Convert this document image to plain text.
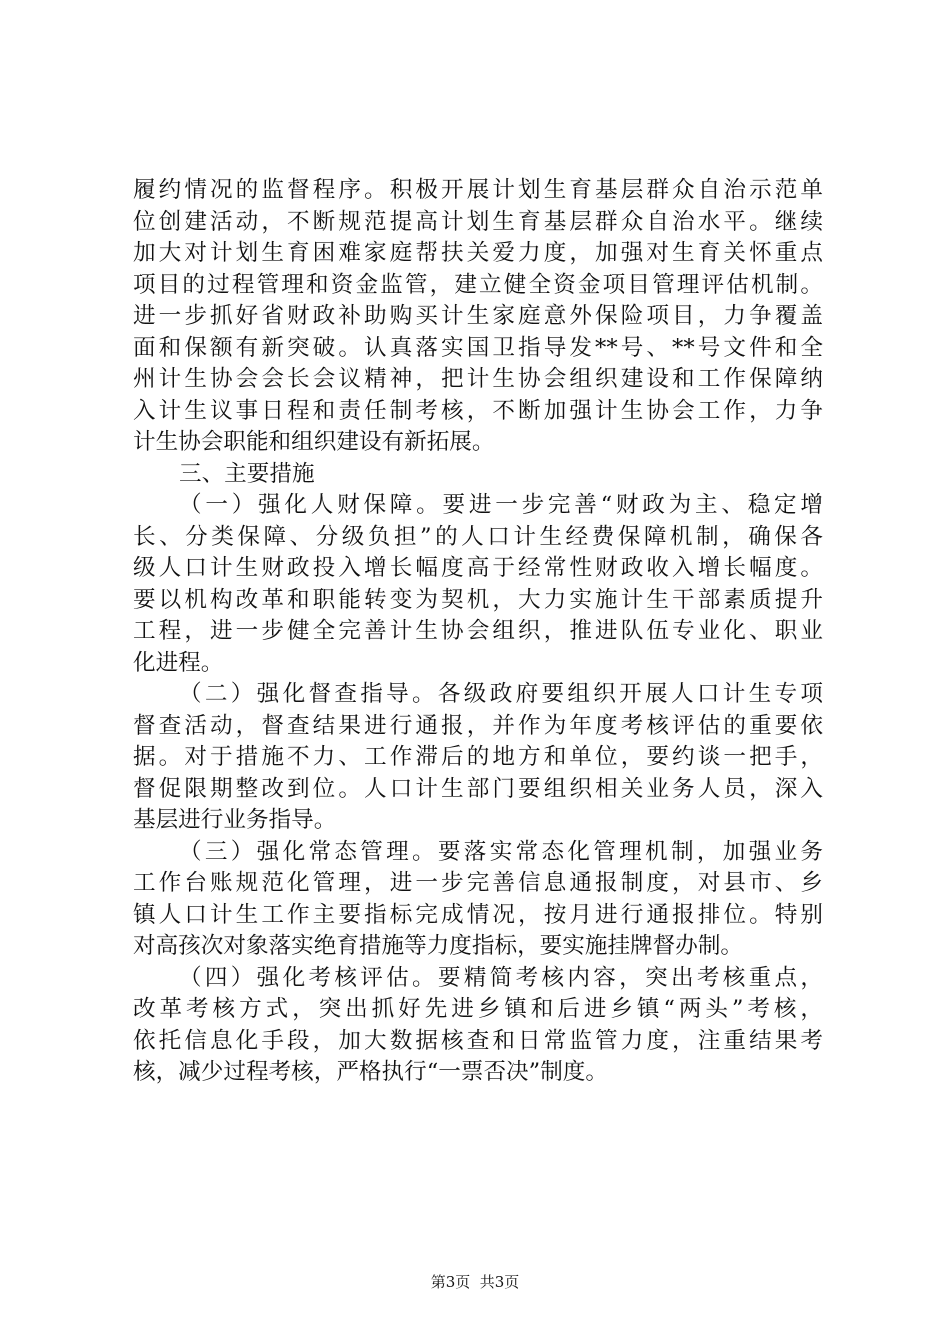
履约情况的监督程序。积极开展计划生育基层群众自治示范单
位创建活动，不断规范提高计划生育基层群众自治水平。继续
加大对计划生育困难家庭帮扶关爱力度，加强对生育关怀重点
项目的过程管理和资金监管，建立健全资金项目管理评估机制。
进一步抓好省财政补助购买计生家庭意外保险项目，力争覆盖
面和保额有新突破。认真落实国卫指导发**号、**号文件和全
州计生协会会长会议精神，把计生协会组织建设和工作保障纳
入计生议事日程和责任制考核，不断加强计生协会工作，力争
计生协会职能和组织建设有新拓展。
三、主要措施
（一）强化人财保障。要进一步完善“财政为主、稳定增
长、分类保障、分级负担”的人口计生经费保障机制，确保各
级人口计生财政投入增长幅度高于经常性财政收入增长幅度。
要以机构改革和职能转变为契机，大力实施计生干部素质提升
工程，进一步健全完善计生协会组织，推进队伍专业化、职业
化进程。
（二）强化督查指导。各级政府要组织开展人口计生专项
督查活动，督查结果进行通报，并作为年度考核评估的重要依
据。对于措施不力、工作滞后的地方和单位，要约谈一把手，
督促限期整改到位。人口计生部门要组织相关业务人员，深入
基层进行业务指导。
（三）强化常态管理。要落实常态化管理机制，加强业务
工作台账规范化管理，进一步完善信息通报制度，对县市、乡
镇人口计生工作主要指标完成情况，按月进行通报排位。特别
对高孩次对象落实绝育措施等力度指标，要实施挂牌督办制。
（四）强化考核评估。要精简考核内容，突出考核重点，
改革考核方式，突出抓好先进乡镇和后进乡镇“两头”考核，
依托信息化手段，加大数据核查和日常监管力度，注重结果考
核，减少过程考核，严格执行“一票否决”制度。
第3页  共3页
